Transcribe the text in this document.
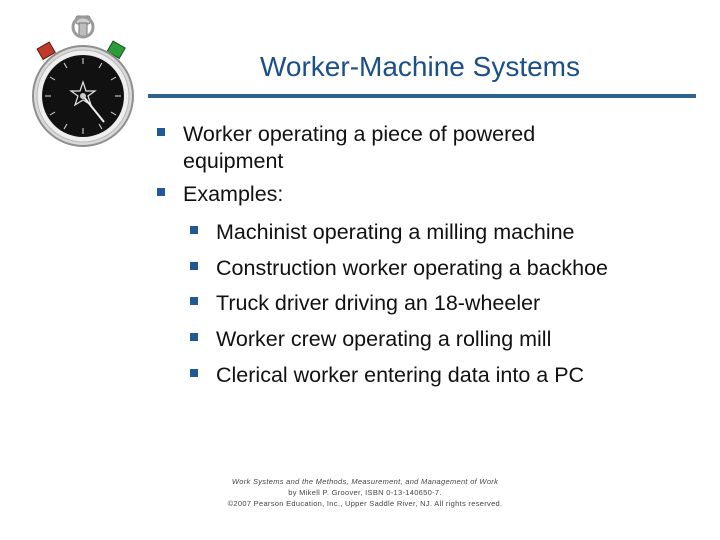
Worker-Machine Systems
Worker operating a piece of powered
equipment
Examples:
Machinist operating a milling machine
Construction worker operating a backhoe
Truck driver driving an 18-wheeler
Worker crew operating a rolling mill
Clerical worker entering data into a PC
Work Systems and the Methods, Measurement, and Management of Work
by Mikell P. Groover, ISBN 0-13-140650-7.
©2007 Pearson Education, Inc., Upper Saddle River, NJ. All rights reserved.
